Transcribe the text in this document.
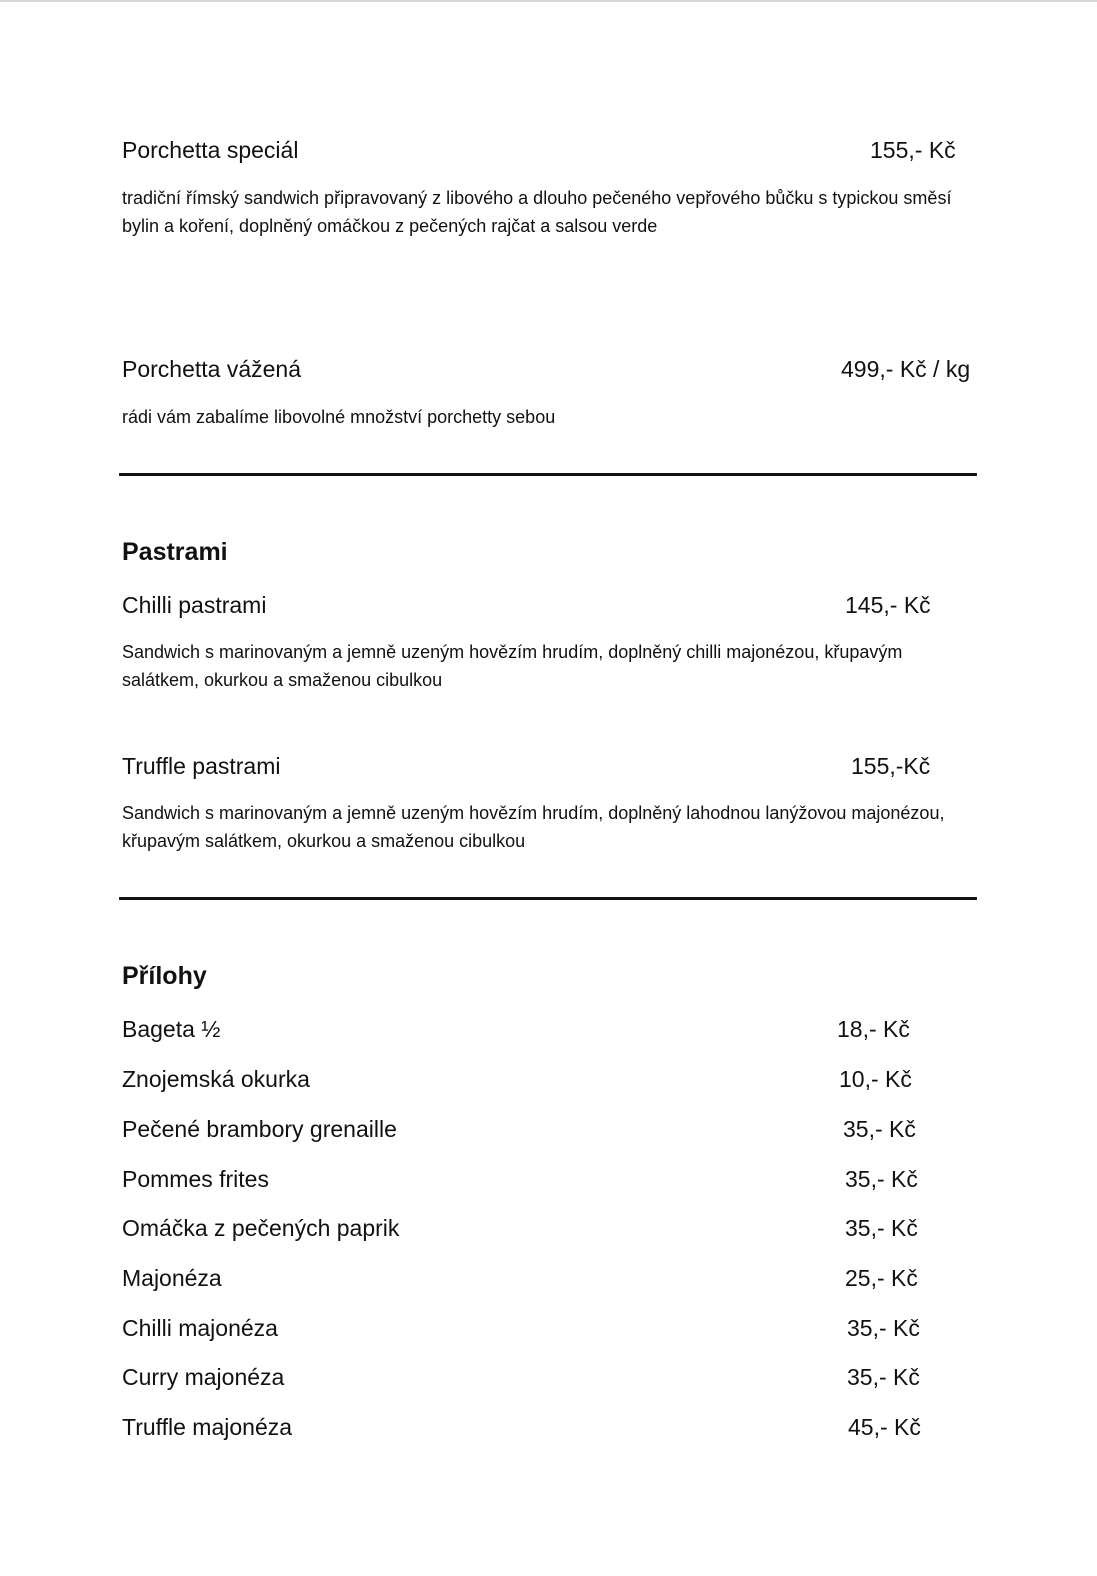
Porchetta speciál	155,- Kč
tradiční římský sandwich připravovaný z libového a dlouho pečeného vepřového bůčku s typickou směsí bylin a koření, doplněný omáčkou z pečených rajčat a salsou verde
Porchetta vážená	499,- Kč / kg
rádi vám zabalíme libovolné množství porchetty sebou
Pastrami
Chilli pastrami	145,- Kč
Sandwich s marinovaným a jemně uzeným hovězím hrudím, doplněný chilli majonézou, křupavým salátkem, okurkou a smaženou cibulkou
Truffle pastrami	155,-Kč
Sandwich s marinovaným a jemně uzeným hovězím hrudím, doplněný lahodnou lanýžovou majonézou, křupavým salátkem, okurkou a smaženou cibulkou
Přílohy
Bageta ½	18,- Kč
Znojemská okurka	10,- Kč
Pečené brambory grenaille	35,- Kč
Pommes frites	35,- Kč
Omáčka z pečených paprik	35,- Kč
Majonéza	25,- Kč
Chilli majonéza	35,- Kč
Curry majonéza	35,- Kč
Truffle majonéza	45,- Kč
